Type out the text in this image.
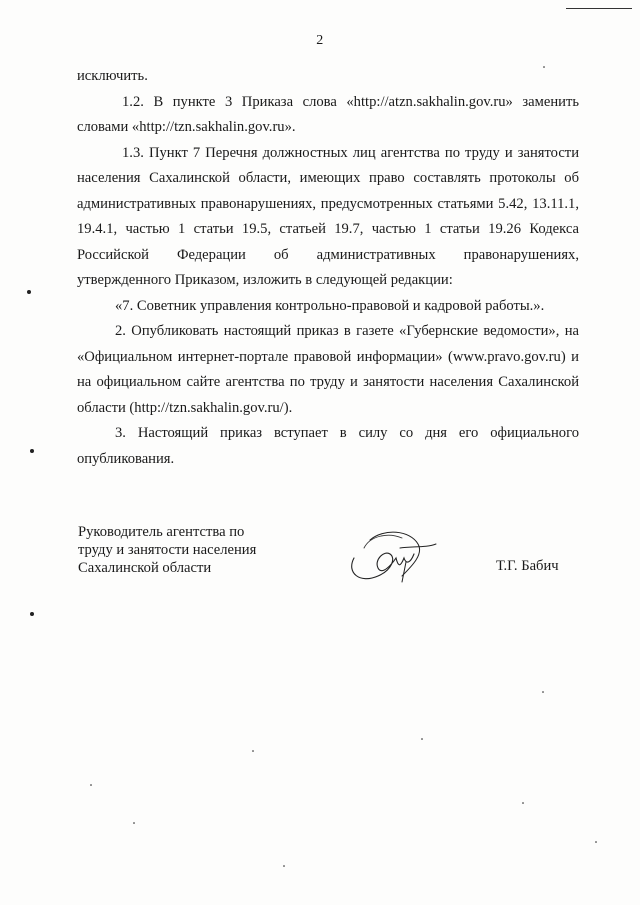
2

исключить.

1.2. В пункте 3 Приказа слова «http://atzn.sakhalin.gov.ru» заменить словами «http://tzn.sakhalin.gov.ru».

1.3. Пункт 7 Перечня должностных лиц агентства по труду и занятости населения Сахалинской области, имеющих право составлять протоколы об административных правонарушениях, предусмотренных статьями 5.42, 13.11.1, 19.4.1, частью 1 статьи 19.5, статьей 19.7, частью 1 статьи 19.26 Кодекса Российской Федерации об административных правонарушениях, утвержденного Приказом, изложить в следующей редакции:

«7. Советник управления контрольно-правовой и кадровой работы.».

2. Опубликовать настоящий приказ в газете «Губернские ведомости», на «Официальном интернет-портале правовой информации» (www.pravo.gov.ru) и на официальном сайте агентства по труду и занятости населения Сахалинской области (http://tzn.sakhalin.gov.ru/).

3. Настоящий приказ вступает в силу со дня его официального опубликования.

Руководитель агентства по
труду и занятости населения
Сахалинской области	Т.Г. Бабич
